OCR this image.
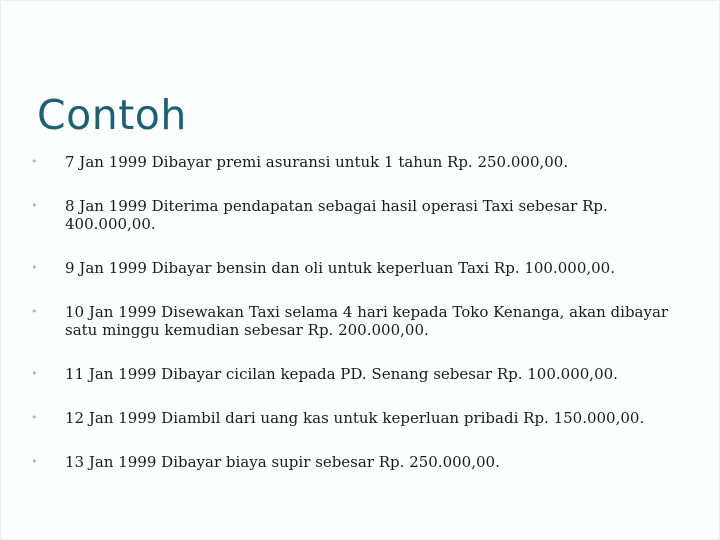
Contoh
• 7 Jan 1999 Dibayar premi asuransi untuk 1 tahun Rp. 250.000,00.
• 8 Jan 1999 Diterima pendapatan sebagai hasil operasi Taxi sebesar Rp. 400.000,00.
• 9 Jan 1999 Dibayar bensin dan oli untuk keperluan Taxi Rp. 100.000,00.
• 10 Jan 1999 Disewakan Taxi selama 4 hari kepada Toko Kenanga, akan dibayar satu minggu kemudian sebesar Rp. 200.000,00.
• 11 Jan 1999 Dibayar cicilan kepada PD. Senang sebesar Rp. 100.000,00.
• 12 Jan 1999 Diambil dari uang kas untuk keperluan pribadi Rp. 150.000,00.
• 13 Jan 1999 Dibayar biaya supir sebesar Rp. 250.000,00.
